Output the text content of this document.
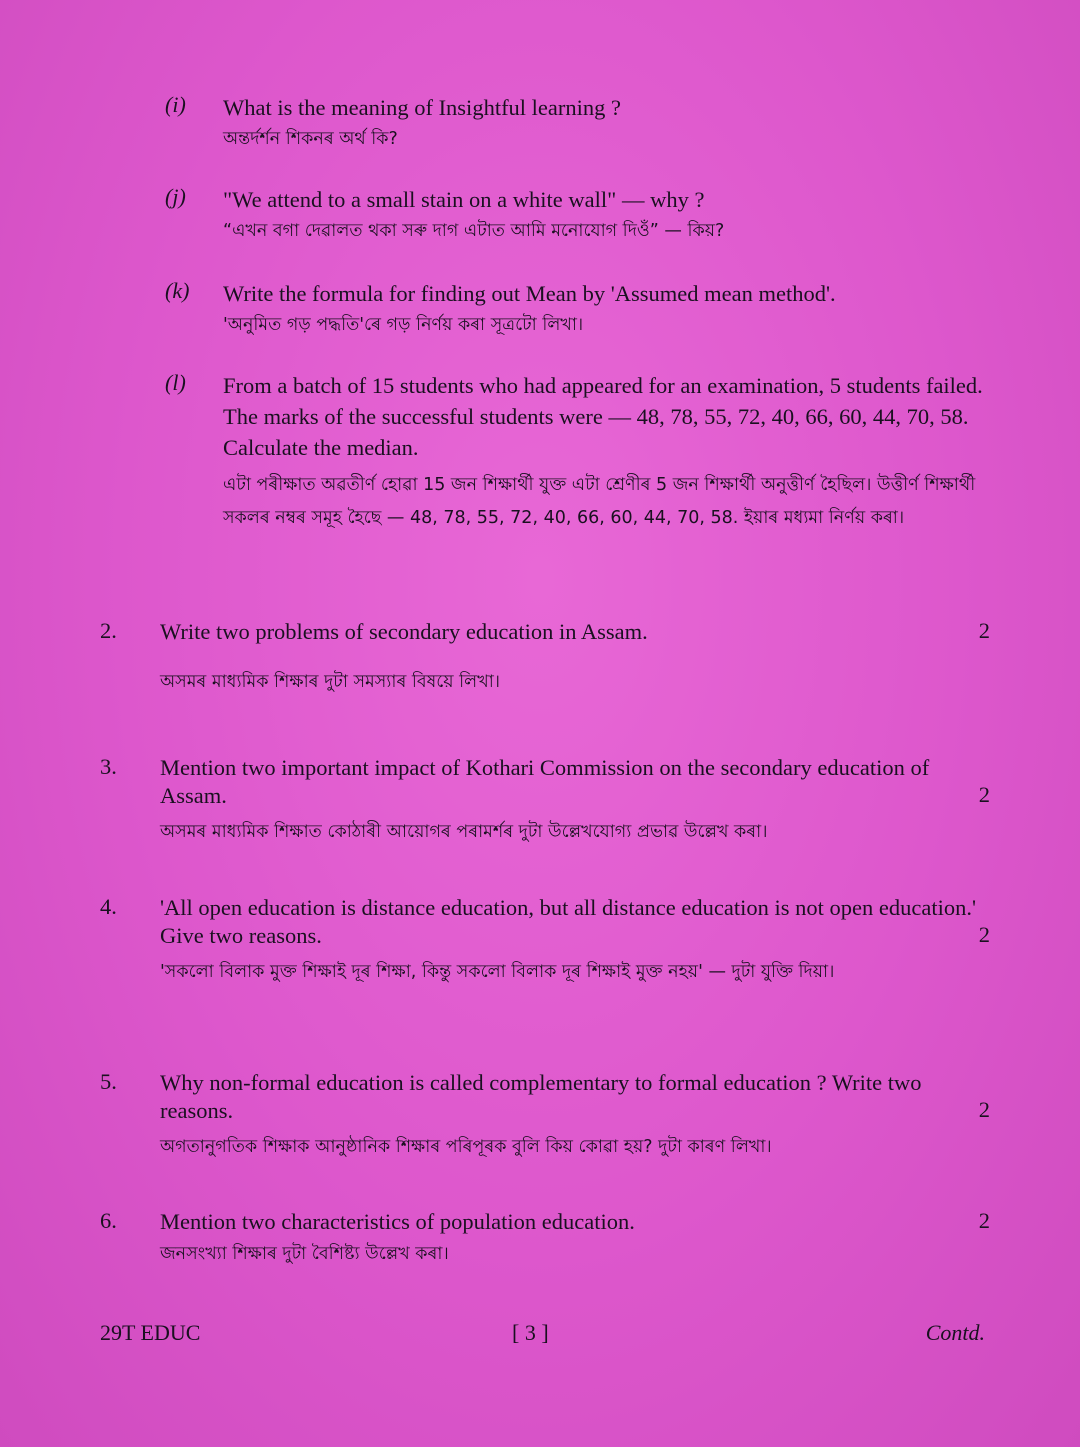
(i) What is the meaning of Insightful learning ?
অন্তর্দৰ্শন শিকনৰ অৰ্থ কি?
(j) "We attend to a small stain on a white wall" — why ?
“এখন বগা দেৱালত থকা সৰু দাগ এটাত আমি মনোযোগ দিওঁ” — কিয়?
(k) Write the formula for finding out Mean by 'Assumed mean method'.
'অনুমিত গড় পদ্ধতি'ৰে গড় নিৰ্ণয় কৰা সূত্ৰটো লিখা।
(l) From a batch of 15 students who had appeared for an examination, 5 students failed. The marks of the successful students were — 48, 78, 55, 72, 40, 66, 60, 44, 70, 58. Calculate the median.
এটা পৰীক্ষাত অৱতীৰ্ণ হোৱা 15 জন শিক্ষাৰ্থী যুক্ত এটা শ্ৰেণীৰ 5 জন শিক্ষাৰ্থী অনুত্তীৰ্ণ হৈছিল। উত্তীৰ্ণ শিক্ষাৰ্থী সকলৰ নম্বৰ সমূহ হৈছে — 48, 78, 55, 72, 40, 66, 60, 44, 70, 58. ইয়াৰ মধ্যমা নিৰ্ণয় কৰা।
2.	2
Write two problems of secondary education in Assam.
অসমৰ মাধ্যমিক শিক্ষাৰ দুটা সমস্যাৰ বিষয়ে লিখা।
3.
2
Mention two important impact of Kothari Commission on the secondary education of Assam.
অসমৰ মাধ্যমিক শিক্ষাত কোঠাৰী আয়োগৰ পৰামৰ্শৰ দুটা উল্লেখযোগ্য প্ৰভাৱ উল্লেখ কৰা।
4.
2
'All open education is distance education, but all distance education is not open education.' Give two reasons.
'সকলো বিলাক মুক্ত শিক্ষাই দূৰ শিক্ষা, কিন্তু সকলো বিলাক দূৰ শিক্ষাই মুক্ত নহয়' — দুটা যুক্তি দিয়া।
5.
2
Why non-formal education is called complementary to formal education ? Write two reasons.
অগতানুগতিক শিক্ষাক আনুষ্ঠানিক শিক্ষাৰ পৰিপূৰক বুলি কিয় কোৱা হয়? দুটা কাৰণ লিখা।
6.	2
Mention two characteristics of population education.
জনসংখ্যা শিক্ষাৰ দুটা বৈশিষ্ট্য উল্লেখ কৰা।
29T EDUC	[ 3 ]	Contd.
